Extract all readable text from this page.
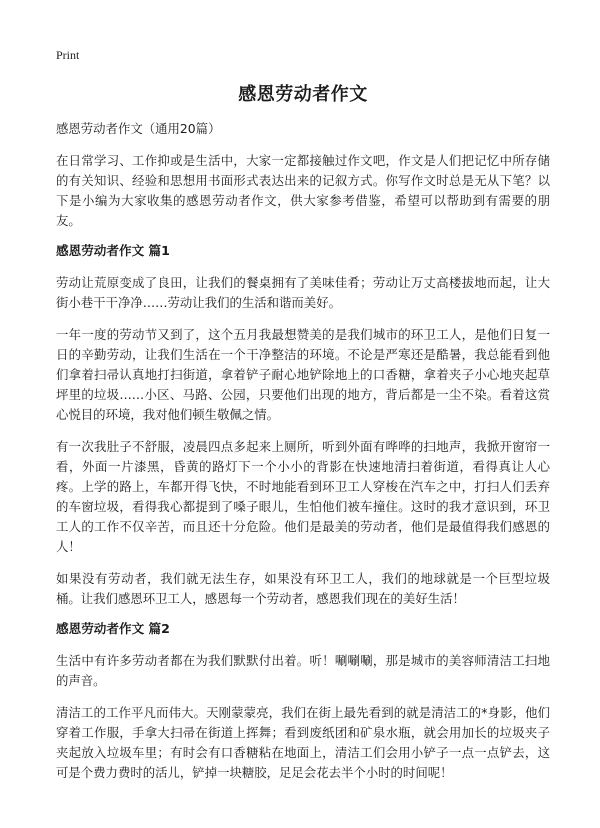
Print
感恩劳动者作文
感恩劳动者作文（通用20篇）

在日常学习、工作抑或是生活中，大家一定都接触过作文吧，作文是人们把记忆中所存储的有关知识、经验和思想用书面形式表达出来的记叙方式。你写作文时总是无从下笔？以下是小编为大家收集的感恩劳动者作文，供大家参考借鉴，希望可以帮助到有需要的朋友。

感恩劳动者作文 篇1

劳动让荒原变成了良田，让我们的餐桌拥有了美味佳肴；劳动让万丈高楼拔地而起，让大街小巷干干净净……劳动让我们的生活和谐而美好。

一年一度的劳动节又到了，这个五月我最想赞美的是我们城市的环卫工人，是他们日复一日的辛勤劳动，让我们生活在一个干净整洁的环境。不论是严寒还是酷暑，我总能看到他们拿着扫帚认真地打扫街道，拿着铲子耐心地铲除地上的口香糖，拿着夹子小心地夹起草坪里的垃圾……小区、马路、公园，只要他们出现的地方，背后都是一尘不染。看着这赏心悦目的环境，我对他们顿生敬佩之情。

有一次我肚子不舒服，凌晨四点多起来上厕所，听到外面有哗哗的扫地声，我掀开窗帘一看，外面一片漆黑，昏黄的路灯下一个小小的背影在快速地清扫着街道，看得真让人心疼。上学的路上，车都开得飞快，不时地能看到环卫工人穿梭在汽车之中，打扫人们丢弃的车窗垃圾，看得我心都提到了嗓子眼儿，生怕他们被车撞住。这时的我才意识到，环卫工人的工作不仅辛苦，而且还十分危险。他们是最美的劳动者，他们是最值得我们感恩的人！

如果没有劳动者，我们就无法生存，如果没有环卫工人，我们的地球就是一个巨型垃圾桶。让我们感恩环卫工人，感恩每一个劳动者，感恩我们现在的美好生活！

感恩劳动者作文 篇2

生活中有许多劳动者都在为我们默默付出着。听！唰唰唰，那是城市的美容师清洁工扫地的声音。

清洁工的工作平凡而伟大。天刚蒙蒙亮，我们在街上最先看到的就是清洁工的*身影，他们穿着工作服，手拿大扫帚在街道上挥舞；看到废纸团和矿泉水瓶，就会用加长的垃圾夹子夹起放入垃圾车里；有时会有口香糖粘在地面上，清洁工们会用小铲子一点一点铲去，这可是个费力费时的活儿，铲掉一块糖胶，足足会花去半个小时的时间呢！
